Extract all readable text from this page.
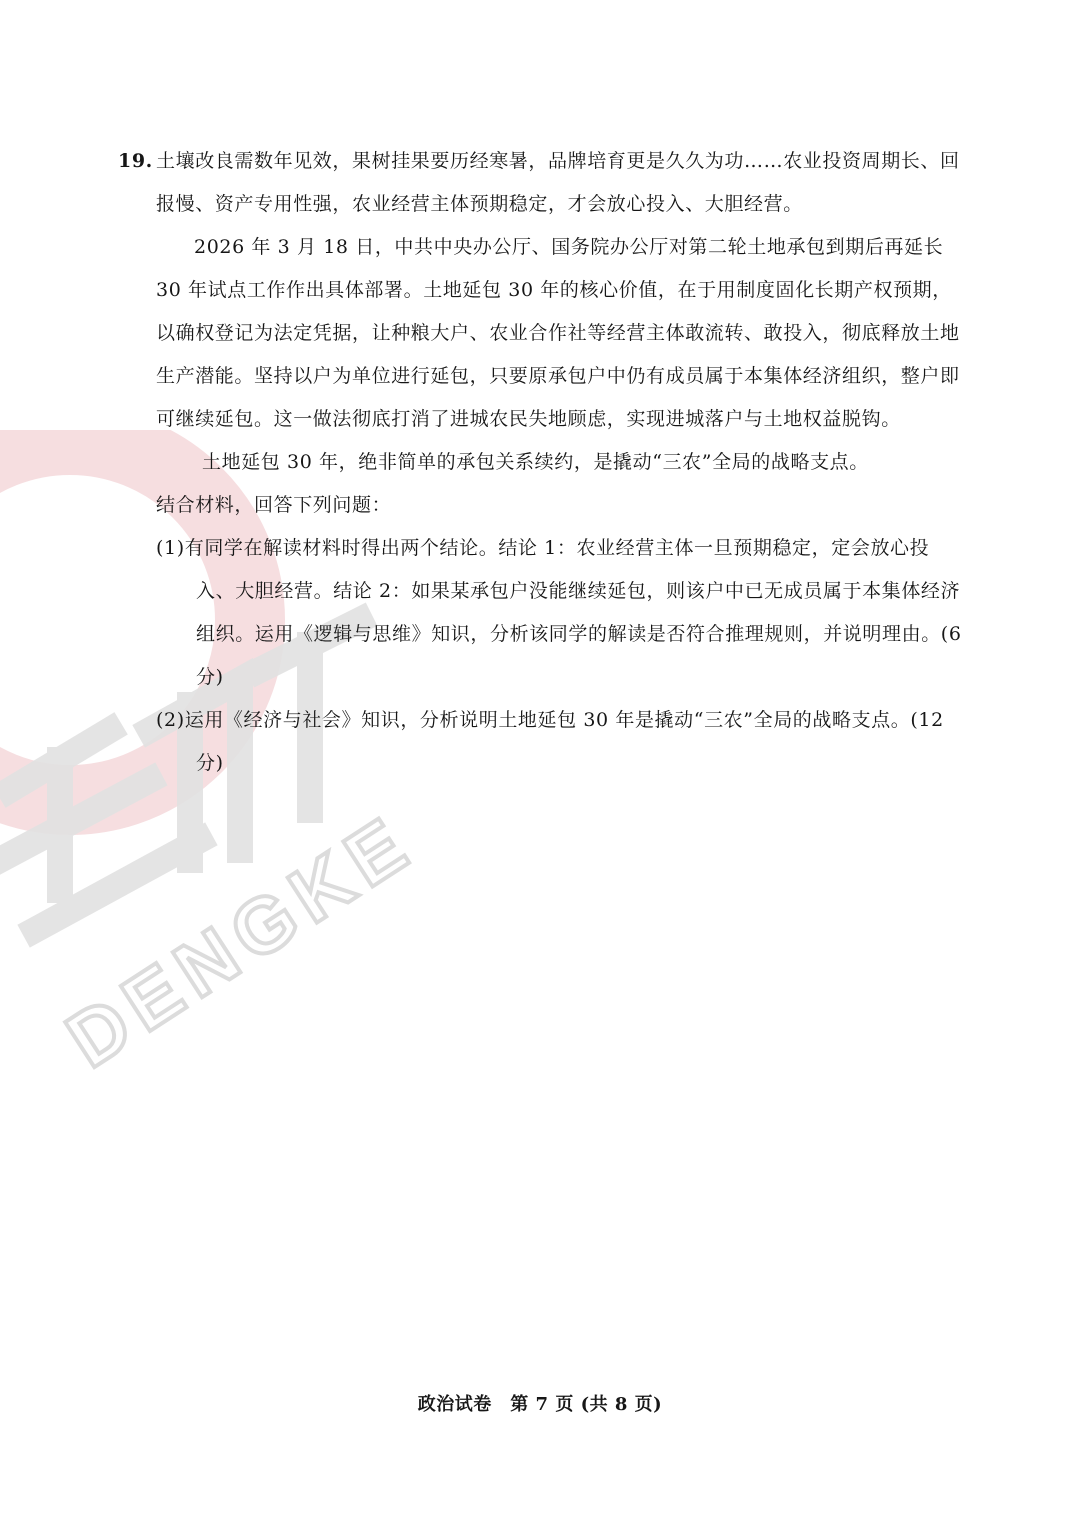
DENGKE
19. 土壤改良需数年见效，果树挂果要历经寒暑，品牌培育更是久久为功……农业投资周期长、回报慢、资产专用性强，农业经营主体预期稳定，才会放心投入、大胆经营。

2026 年 3 月 18 日，中共中央办公厅、国务院办公厅对第二轮土地承包到期后再延长 30 年试点工作作出具体部署。土地延包 30 年的核心价值，在于用制度固化长期产权预期，以确权登记为法定凭据，让种粮大户、农业合作社等经营主体敢流转、敢投入，彻底释放土地生产潜能。坚持以户为单位进行延包，只要原承包户中仍有成员属于本集体经济组织，整户即可继续延包。这一做法彻底打消了进城农民失地顾虑，实现进城落户与土地权益脱钩。

土地延包 30 年，绝非简单的承包关系续约，是撬动“三农”全局的战略支点。

结合材料，回答下列问题：

(1)有同学在解读材料时得出两个结论。结论 1：农业经营主体一旦预期稳定，定会放心投入、大胆经营。结论 2：如果某承包户没能继续延包，则该户中已无成员属于本集体经济组织。运用《逻辑与思维》知识，分析该同学的解读是否符合推理规则，并说明理由。(6 分)

(2)运用《经济与社会》知识，分析说明土地延包 30 年是撬动“三农”全局的战略支点。(12 分)

政治试卷　第 7 页 (共 8 页)
